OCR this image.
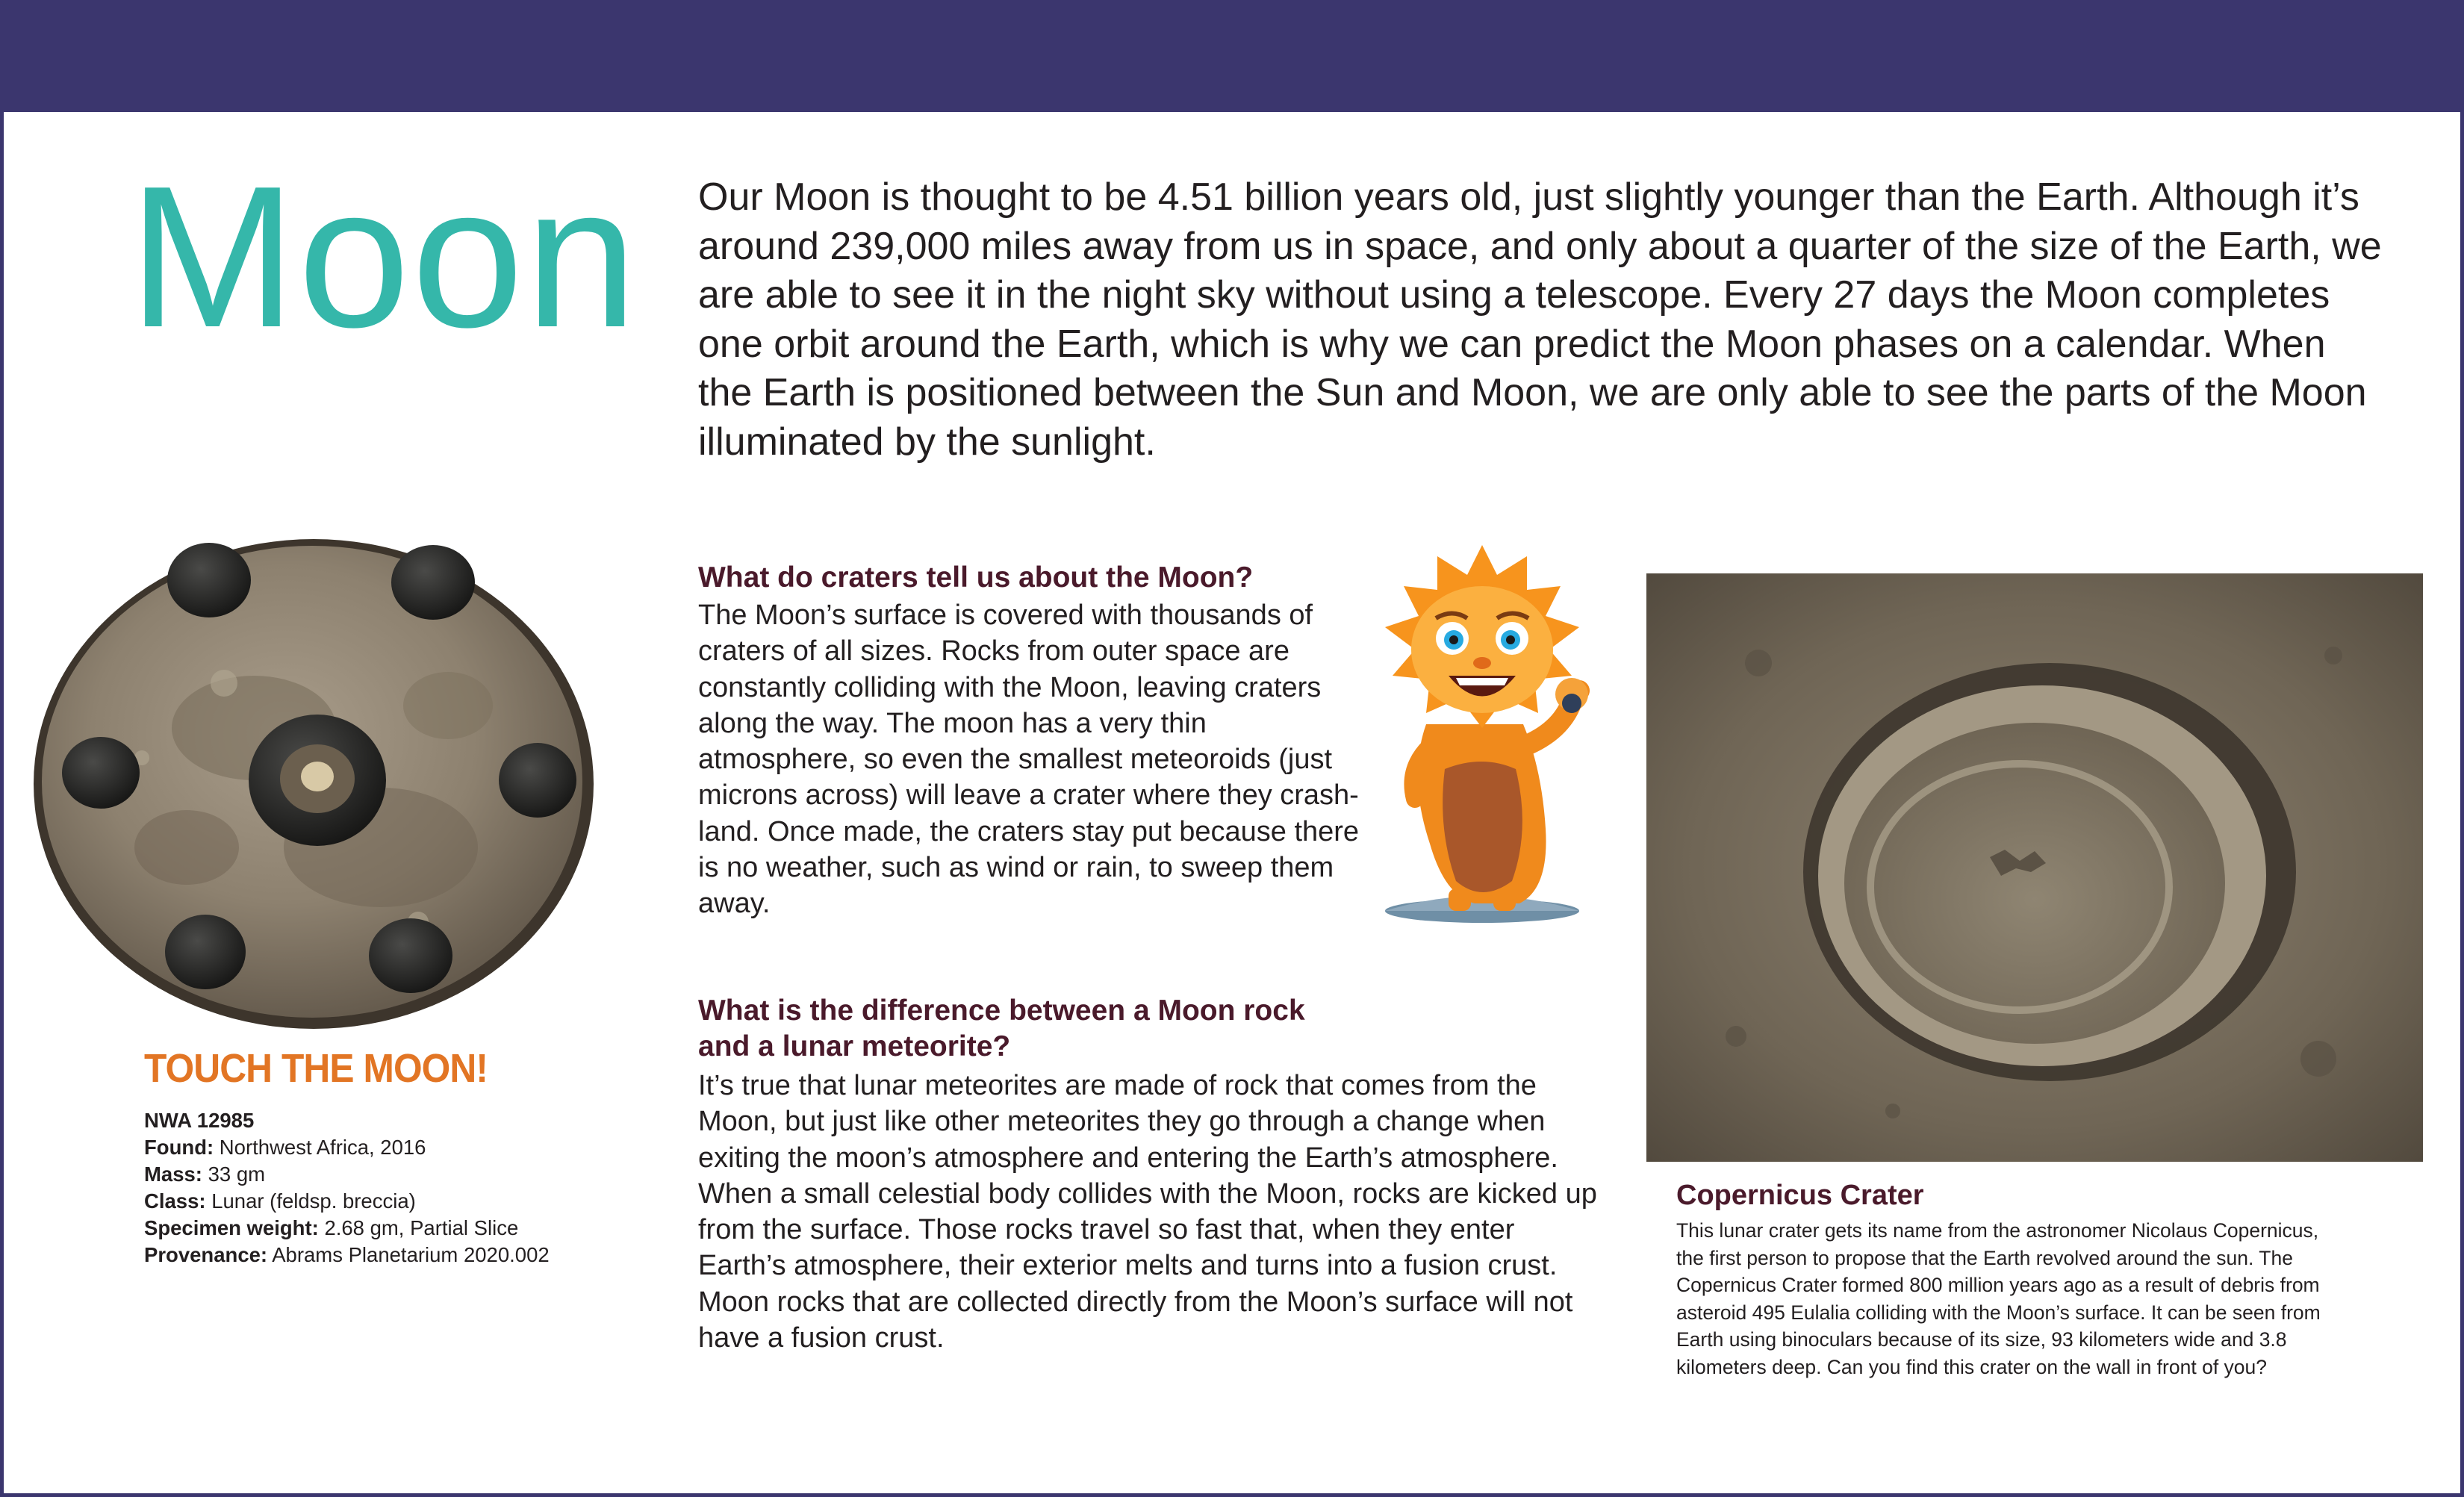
Moon Our Moon is thought to be 4.51 billion years old, just slightly younger than the Earth. Although it’s around 239,000 miles away from us in space, and only about a quarter of the size of the Earth, we are able to see it in the night sky without using a telescope. Every 27 days the Moon completes one orbit around the Earth, which is why we can predict the Moon phases on a calendar. When the Earth is positioned between the Sun and Moon, we are only able to see the parts of the Moon illuminated by the sunlight.
TOUCH THE MOON!
NWA 12985
Found: Northwest Africa, 2016
Mass: 33 gm
Class: Lunar (feldsp. breccia)
Specimen weight: 2.68 gm, Partial Slice
Provenance: Abrams Planetarium 2020.002
What do craters tell us about the Moon?
The Moon’s surface is covered with thousands of craters of all sizes. Rocks from outer space are constantly colliding with the Moon, leaving craters along the way. The moon has a very thin atmosphere, so even the smallest meteoroids (just microns across) will leave a crater where they crash-land. Once made, the craters stay put because there is no weather, such as wind or rain, to sweep them away.
What is the difference between a Moon rock
and a lunar meteorite?
It’s true that lunar meteorites are made of rock that comes from the Moon, but just like other meteorites they go through a change when exiting the moon’s atmosphere and entering the Earth’s atmosphere. When a small celestial body collides with the Moon, rocks are kicked up from the surface. Those rocks travel so fast that, when they enter Earth’s atmosphere, their exterior melts and turns into a fusion crust. Moon rocks that are collected directly from the Moon’s surface will not have a fusion crust.
Copernicus Crater
This lunar crater gets its name from the astronomer Nicolaus Copernicus, the first person to propose that the Earth revolved around the sun. The Copernicus Crater formed 800 million years ago as a result of debris from asteroid 495 Eulalia colliding with the Moon’s surface. It can be seen from Earth using binoculars because of its size, 93 kilometers wide and 3.8 kilometers deep. Can you find this crater on the wall in front of you?
